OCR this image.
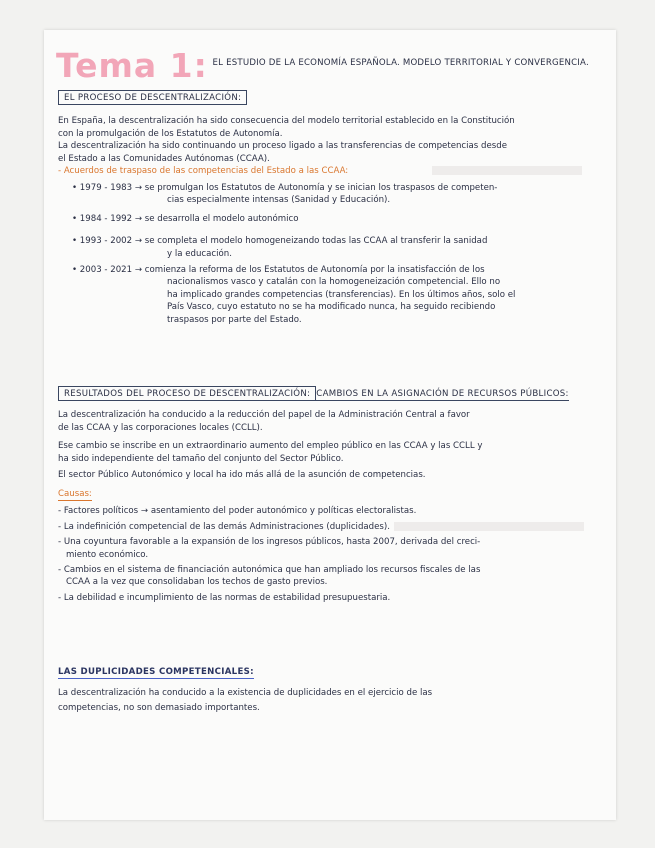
Tema 1: EL ESTUDIO DE LA ECONOMÍA ESPAÑOLA. MODELO TERRITORIAL Y CONVERGENCIA.
EL PROCESO DE DESCENTRALIZACIÓN:

En España, la descentralización ha sido consecuencia del modelo territorial establecido en la Constitución

con la promulgación de los Estatutos de Autonomía.

La descentralización ha sido continuando un proceso ligado a las transferencias de competencias desde

el Estado a las Comunidades Autónomas (CCAA).

- Acuerdos de traspaso de las competencias del Estado a las CCAA:

• 1979 - 1983 → se promulgan los Estatutos de Autonomía y se inician los traspasos de competen-

cias especialmente intensas (Sanidad y Educación).

• 1984 - 1992 → se desarrolla el modelo autonómico

• 1993 - 2002 → se completa el modelo homogeneizando todas las CCAA al transferir la sanidad

y la educación.

• 2003 - 2021 → comienza la reforma de los Estatutos de Autonomía por la insatisfacción de los

nacionalismos vasco y catalán con la homogeneización competencial. Ello no

ha implicado grandes competencias (transferencias). En los últimos años, solo el

País Vasco, cuyo estatuto no se ha modificado nunca, ha seguido recibiendo

traspasos por parte del Estado.

RESULTADOS DEL PROCESO DE DESCENTRALIZACIÓN: CAMBIOS EN LA ASIGNACIÓN DE RECURSOS PÚBLICOS:

La descentralización ha conducido a la reducción del papel de la Administración Central a favor

de las CCAA y las corporaciones locales (CCLL).

Ese cambio se inscribe en un extraordinario aumento del empleo público en las CCAA y las CCLL y

ha sido independiente del tamaño del conjunto del Sector Público.

El sector Público Autonómico y local ha ido más allá de la asunción de competencias.

Causas:

- Factores políticos → asentamiento del poder autonómico y políticas electoralistas.

- La indefinición competencial de las demás Administraciones (duplicidades).

- Una coyuntura favorable a la expansión de los ingresos públicos, hasta 2007, derivada del creci-

miento económico.

- Cambios en el sistema de financiación autonómica que han ampliado los recursos fiscales de las

CCAA a la vez que consolidaban los techos de gasto previos.

- La debilidad e incumplimiento de las normas de estabilidad presupuestaria.

LAS DUPLICIDADES COMPETENCIALES:

La descentralización ha conducido a la existencia de duplicidades en el ejercicio de las

competencias, no son demasiado importantes.
